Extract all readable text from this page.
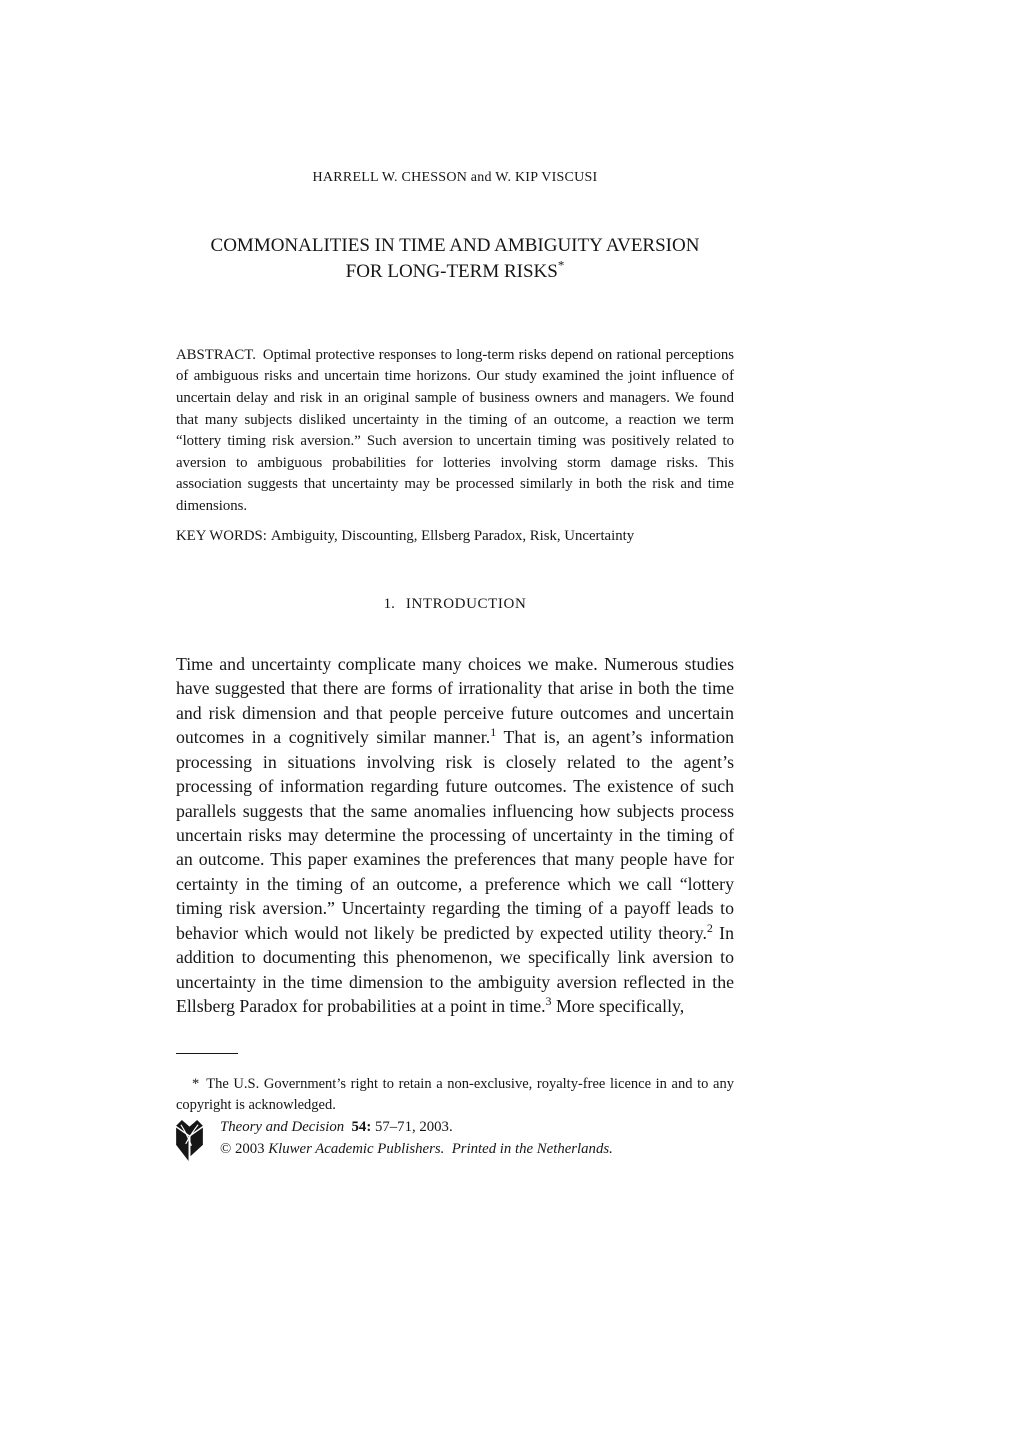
HARRELL W. CHESSON and W. KIP VISCUSI
COMMONALITIES IN TIME AND AMBIGUITY AVERSION
FOR LONG-TERM RISKS*

ABSTRACT. Optimal protective responses to long-term risks depend on rational perceptions of ambiguous risks and uncertain time horizons. Our study examined the joint influence of uncertain delay and risk in an original sample of business owners and managers. We found that many subjects disliked uncertainty in the timing of an outcome, a reaction we term “lottery timing risk aversion.” Such aversion to uncertain timing was positively related to aversion to ambiguous probabilities for lotteries involving storm damage risks. This association suggests that uncertainty may be processed similarly in both the risk and time dimensions.

KEY WORDS: Ambiguity, Discounting, Ellsberg Paradox, Risk, Uncertainty

1. INTRODUCTION

Time and uncertainty complicate many choices we make. Numerous studies have suggested that there are forms of irrationality that arise in both the time and risk dimension and that people perceive future outcomes and uncertain outcomes in a cognitively similar manner.$^1$ That is, an agent’s information processing in situations involving risk is closely related to the agent’s processing of information regarding future outcomes. The existence of such parallels suggests that the same anomalies influencing how subjects process uncertain risks may determine the processing of uncertainty in the timing of an outcome. This paper examines the preferences that many people have for certainty in the timing of an outcome, a preference which we call “lottery timing risk aversion.” Uncertainty regarding the timing of a payoff leads to behavior which would not likely be predicted by expected utility theory.$^2$ In addition to documenting this phenomenon, we specifically link aversion to uncertainty in the time dimension to the ambiguity aversion reflected in the Ellsberg Paradox for probabilities at a point in time.$^3$ More specifically,

* The U.S. Government’s right to retain a non-exclusive, royalty-free licence in and to any copyright is acknowledged.

Theory and Decision 54: 57–71, 2003.
© 2003 Kluwer Academic Publishers. Printed in the Netherlands.
